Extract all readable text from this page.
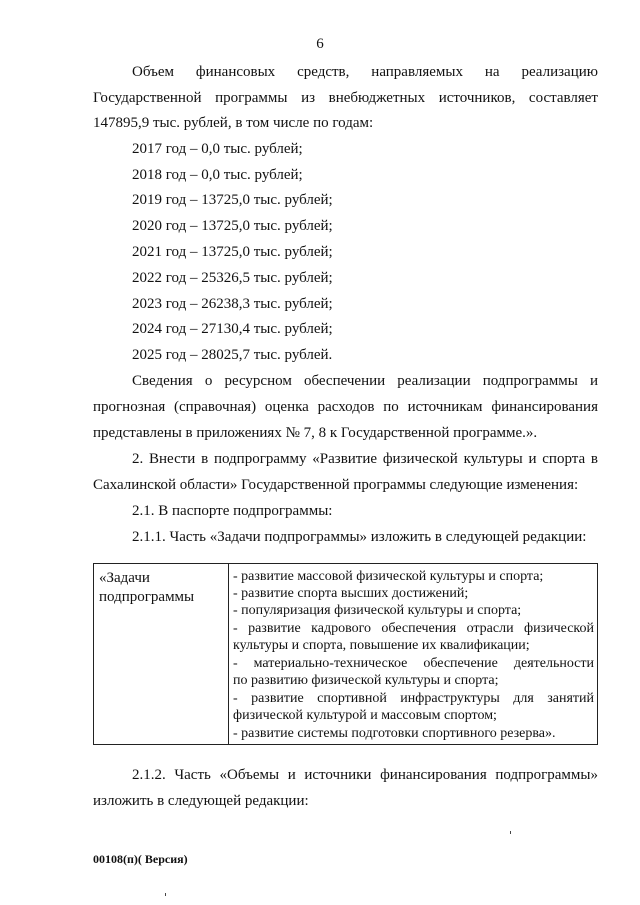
6
Объем финансовых средств, направляемых на реализацию
Государственной программы из внебюджетных источников, составляет
147895,9 тыс. рублей, в том числе по годам:
2017 год – 0,0 тыс. рублей;
2018 год – 0,0 тыс. рублей;
2019 год – 13725,0 тыс. рублей;
2020 год – 13725,0 тыс. рублей;
2021 год – 13725,0 тыс. рублей;
2022 год – 25326,5 тыс. рублей;
2023 год – 26238,3 тыс. рублей;
2024 год – 27130,4 тыс. рублей;
2025 год – 28025,7 тыс. рублей.
Сведения о ресурсном обеспечении реализации подпрограммы и
прогнозная (справочная) оценка расходов по источникам финансирования
представлены в приложениях № 7, 8 к Государственной программе.».
2. Внести в подпрограмму «Развитие физической культуры и спорта в
Сахалинской области» Государственной программы следующие изменения:
2.1. В паспорте подпрограммы:
2.1.1. Часть «Задачи подпрограммы» изложить в следующей редакции:
«Задачи
подпрограммы
- развитие массовой физической культуры и спорта;
- развитие спорта высших достижений;
- популяризация физической культуры и спорта;
- развитие кадрового обеспечения отрасли физической
культуры и спорта, повышение их квалификации;
- материально-техническое обеспечение деятельности
по развитию физической культуры и спорта;
- развитие спортивной инфраструктуры для занятий
физической культурой и массовым спортом;
- развитие системы подготовки спортивного резерва».
2.1.2. Часть «Объемы и источники финансирования подпрограммы»
изложить в следующей редакции:
00108(п)( Версия)
